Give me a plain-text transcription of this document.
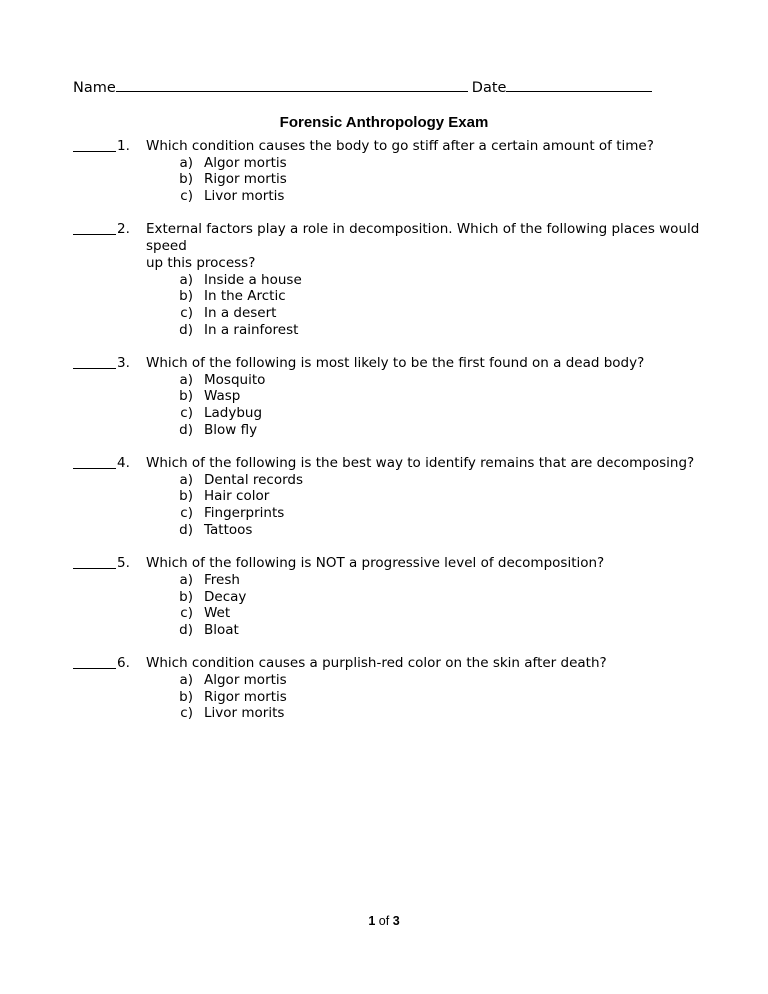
Name	Date
Forensic Anthropology Exam
1.	Which condition causes the body to go stiff after a certain amount of time?
a) Algor mortis
b) Rigor mortis
c) Livor mortis
2.	External factors play a role in decomposition. Which of the following places would speed
up this process?
a) Inside a house
b) In the Arctic
c) In a desert
d) In a rainforest
3.	Which of the following is most likely to be the first found on a dead body?
a) Mosquito
b) Wasp
c) Ladybug
d) Blow fly
4.	Which of the following is the best way to identify remains that are decomposing?
a) Dental records
b) Hair color
c) Fingerprints
d) Tattoos
5.	Which of the following is NOT a progressive level of decomposition?
a) Fresh
b) Decay
c) Wet
d) Bloat
6.	Which condition causes a purplish-red color on the skin after death?
a) Algor mortis
b) Rigor mortis
c) Livor morits
1 of 3
